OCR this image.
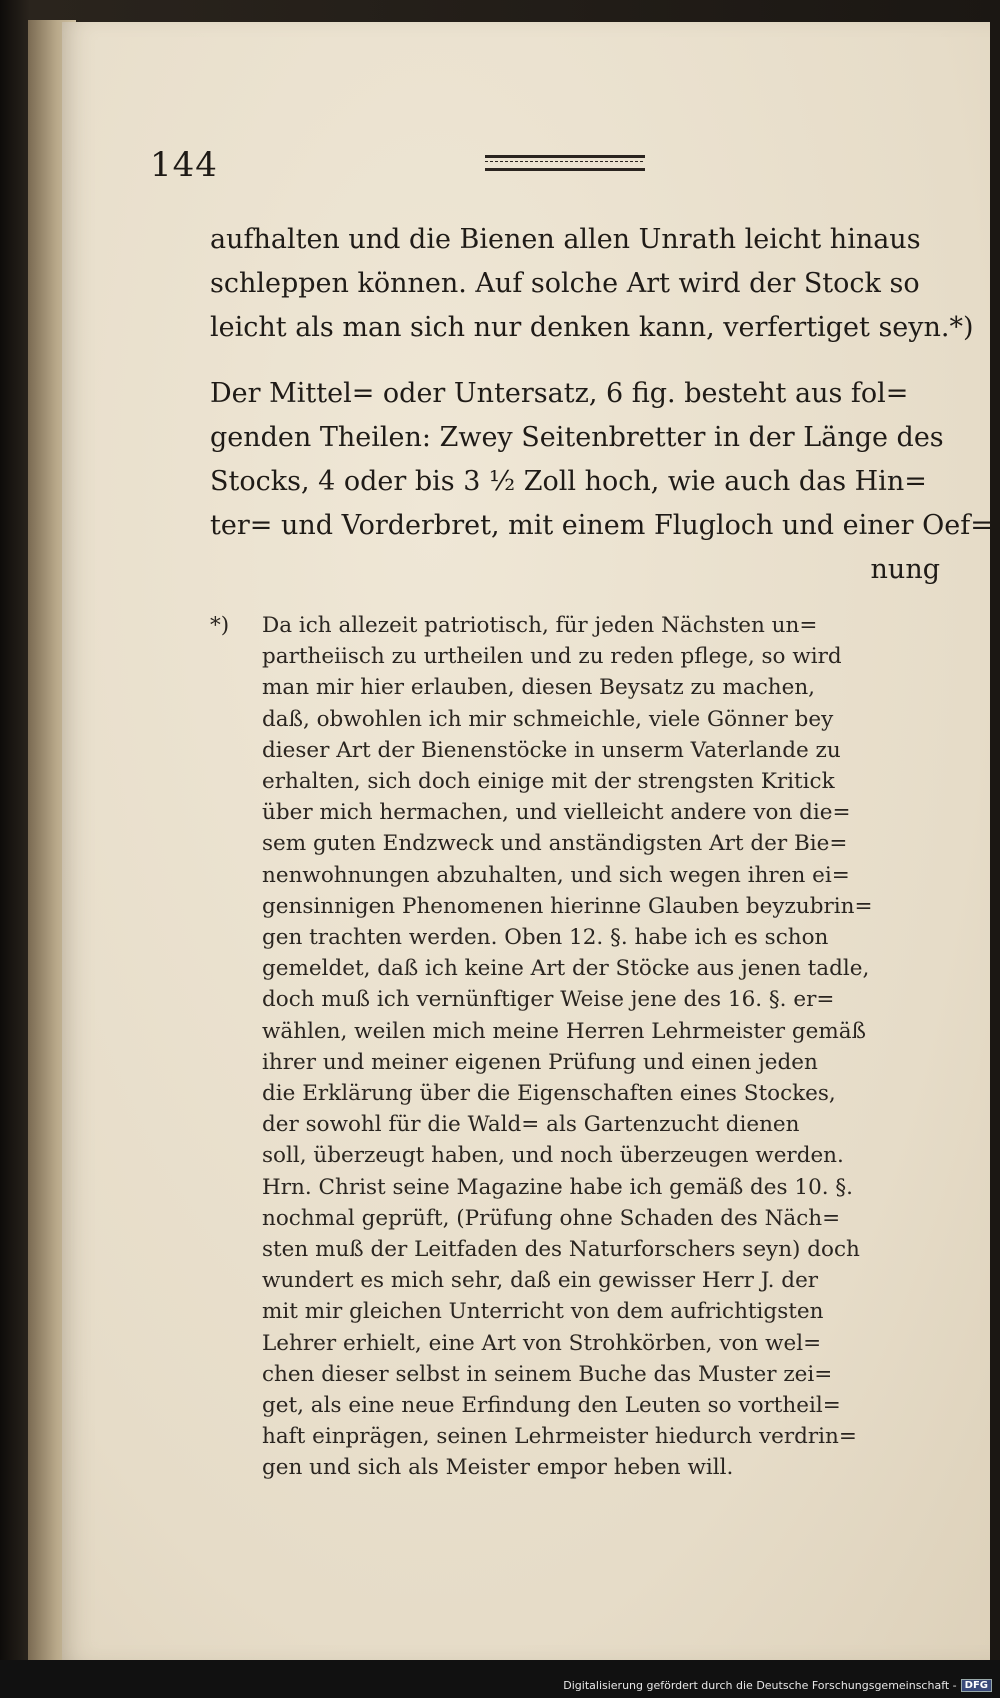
144
aufhalten und die Bienen allen Unrath leicht hinaus
schleppen können. Auf solche Art wird der Stock so
leicht als man sich nur denken kann, verfertiget seyn.*)
Der Mittel= oder Untersatz, 6 fig. besteht aus fol=
genden Theilen: Zwey Seitenbretter in der Länge des
Stocks, 4 oder bis 3 ½ Zoll hoch, wie auch das Hin=
ter= und Vorderbret, mit einem Flugloch und einer Oef=
nung
*) Da ich allezeit patriotisch, für jeden Nächsten un=
partheiisch zu urtheilen und zu reden pflege, so wird
man mir hier erlauben, diesen Beysatz zu machen,
daß, obwohlen ich mir schmeichle, viele Gönner bey
dieser Art der Bienenstöcke in unserm Vaterlande zu
erhalten, sich doch einige mit der strengsten Kritick
über mich hermachen, und vielleicht andere von die=
sem guten Endzweck und anständigsten Art der Bie=
nenwohnungen abzuhalten, und sich wegen ihren ei=
gensinnigen Phenomenen hierinne Glauben beyzubrin=
gen trachten werden. Oben 12. §. habe ich es schon
gemeldet, daß ich keine Art der Stöcke aus jenen tadle,
doch muß ich vernünftiger Weise jene des 16. §. er=
wählen, weilen mich meine Herren Lehrmeister gemäß
ihrer und meiner eigenen Prüfung und einen jeden
die Erklärung über die Eigenschaften eines Stockes,
der sowohl für die Wald= als Gartenzucht dienen
soll, überzeugt haben, und noch überzeugen werden.
Hrn. Christ seine Magazine habe ich gemäß des 10. §.
nochmal geprüft, (Prüfung ohne Schaden des Näch=
sten muß der Leitfaden des Naturforschers seyn) doch
wundert es mich sehr, daß ein gewisser Herr J. der
mit mir gleichen Unterricht von dem aufrichtigsten
Lehrer erhielt, eine Art von Strohkörben, von wel=
chen dieser selbst in seinem Buche das Muster zei=
get, als eine neue Erfindung den Leuten so vortheil=
haft einprägen, seinen Lehrmeister hiedurch verdrin=
gen und sich als Meister empor heben will.
Digitalisierung gefördert durch die Deutsche Forschungsgemeinschaft - DFG
